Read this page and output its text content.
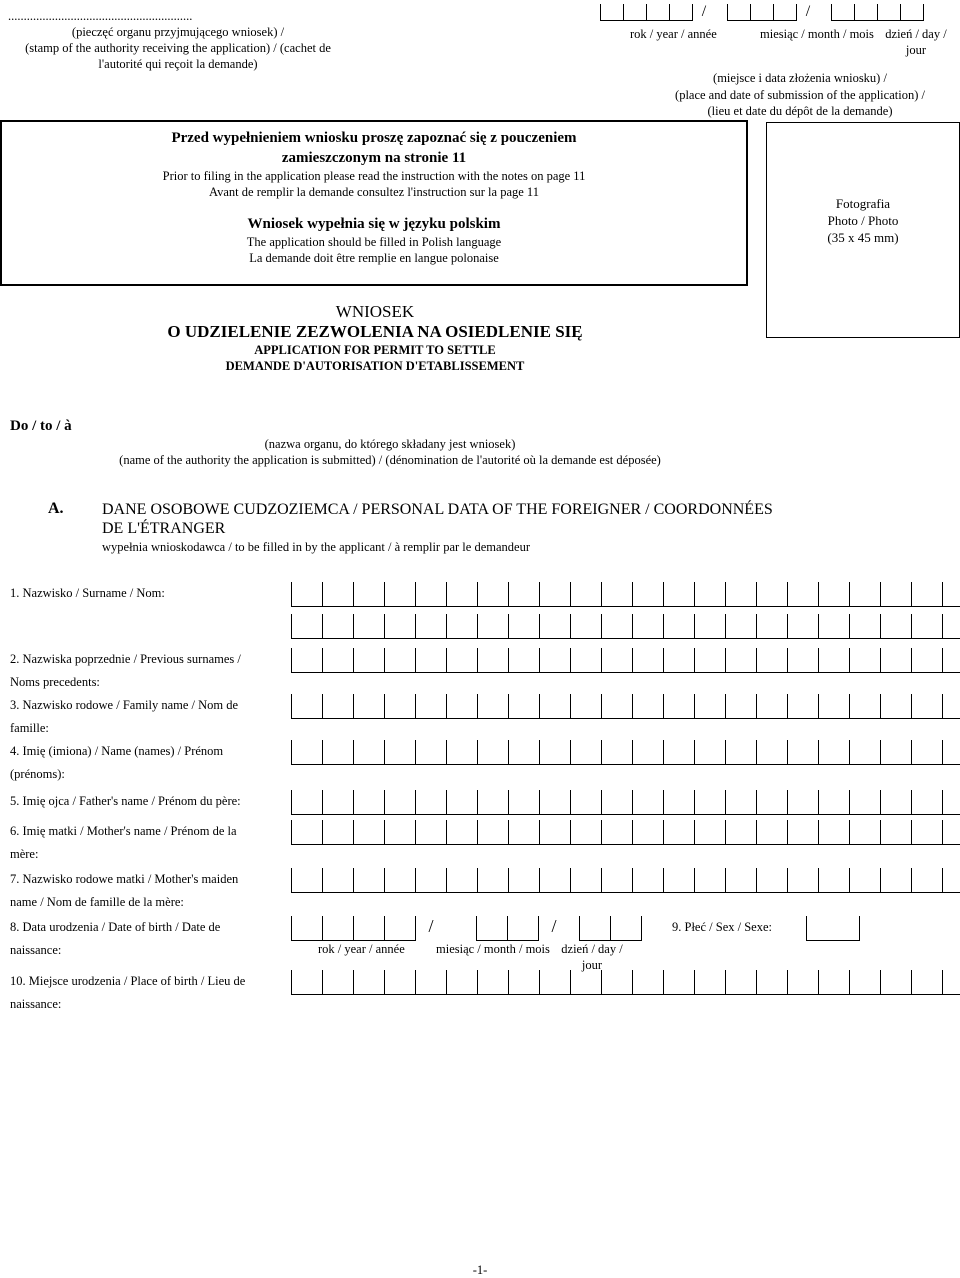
...........................................................
(pieczęć organu przyjmującego wniosek) /
(stamp of the authority receiving the application) / (cachet de
l'autorité qui reçoit la demande)
/	/
rok / year / année	miesiąc / month / mois dzień / day /
jour
(miejsce i data złożenia wniosku) /
(place and date of submission of the application) /
(lieu et date du dépôt de la demande)
Przed wypełnieniem wniosku proszę zapoznać się z pouczeniem
zamieszczonym na stronie 11
Prior to filing in the application please read the instruction with the notes on page 11
Avant de remplir la demande consultez l'instruction sur la page 11
Wniosek wypełnia się w języku polskim
The application should be filled in Polish language
La demande doit être remplie en langue polonaise
Fotografia
Photo / Photo
(35 x 45 mm)
WNIOSEK
O UDZIELENIE ZEZWOLENIA NA OSIEDLENIE SIĘ
APPLICATION FOR PERMIT TO SETTLE
DEMANDE D'AUTORISATION D'ETABLISSEMENT
Do / to / à
(nazwa organu, do którego składany jest wniosek)
(name of the authority the application is submitted) / (dénomination de l'autorité où la demande est déposée)
A. DANE OSOBOWE CUDZOZIEMCA / PERSONAL DATA OF THE FOREIGNER / COORDONNÉES
DE L'ÉTRANGER
wypełnia wnioskodawca / to be filled in by the applicant / à remplir par le demandeur
1. Nazwisko / Surname / Nom:
2. Nazwiska poprzednie / Previous surnames /
Noms precedents:
3. Nazwisko rodowe / Family name / Nom de
famille:
4. Imię (imiona) / Name (names) / Prénom
(prénoms):
5. Imię ojca / Father's name / Prénom du père:
6. Imię matki / Mother's name / Prénom de la
mère:
7. Nazwisko rodowe matki / Mother's maiden
name / Nom de famille de la mère:
8. Data urodzenia / Date of birth / Date de
naissance:
/	/
rok / year / année miesiąc / month / mois dzień / day /
jour
9. Płeć / Sex / Sexe:
10. Miejsce urodzenia / Place of birth / Lieu de
naissance:
-1-
